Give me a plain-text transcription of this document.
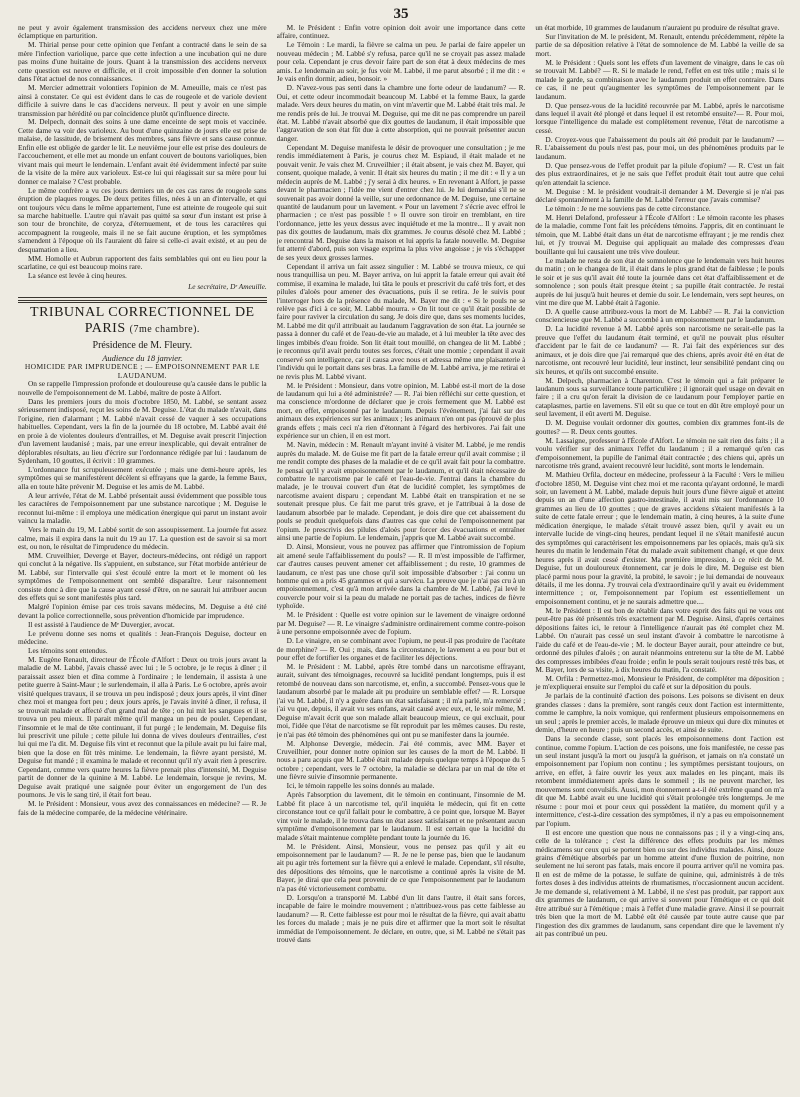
35

ne peut y avoir également transmission des accidens nerveux chez une mère éclamptique en parturition.

M. Thirial pense pour cette opinion que l'enfant a contracté dans le sein de sa mère l'infection variolique, parce que cette infection a une incubation qui ne dure pas moins d'une huitaine de jours. Quant à la transmission des accidens nerveux cette question est neuve et difficile, et il croit impossible d'en donner la solution dans l'état actuel de nos connaissances.

M. Mercier admettrait volontiers l'opinion de M. Ameuille, mais ce n'est pas ainsi à constater. Ce qui est évident dans le cas de rougeole et de variole devient difficile à suivre dans le cas d'accidens nerveux. Il peut y avoir en une simple transmission par hérédité ou par coïncidence plutôt qu'influence directe.

M. Delpech, donnait des soins à une dame enceinte de sept mois et vaccinée. Cette dame va voir des varioleux. Au bout d'une quinzaine de jours elle est prise de malaise, de lassitude, de brisement des membres, sans fièvre et sans cause connue. Enfin elle est obligée de garder le lit. Le neuvième jour elle est prise des douleurs de l'accouchement, et elle met au monde un enfant couvert de boutons varioliques, bien vivant mais qui meurt le lendemain. L'enfant avait été évidemment infecté par suite de la visite de la mère aux varioleux. Est-ce lui qui réagissait sur sa mère pour lui donner ce malaise ? C'est probable.

Le même confrère a vu ces jours derniers un de ces cas rares de rougeole sans éruption de plaques rouges. De deux petites filles, nées à un an d'intervalle, et qui ont toujours vécu dans le même appartement, l'une est atteinte de rougeole qui suit sa marche habituelle. L'autre qui n'avait pas quitté sa sœur d'un instant est prise à son tour de bronchite, de coryza, d'éternuement, et de tous les caractères qui accompagnent la rougeole, mais il ne se fait aucune éruption, et les symptômes s'amendent à l'époque où ils l'auraient dû faire si celle-ci avait existé, et au peu de desquamation a lieu.

MM. Homolle et Aubrun rapportent des faits semblables qui ont eu lieu pour la scarlatine, ce qui est beaucoup moins rare.

La séance est levée à cinq heures.

Le secrétaire, Dʳ Ameuille.
TRIBUNAL CORRECTIONNEL DE PARIS (7me chambre).

Présidence de M. Fleury.

Audience du 18 janvier.

HOMICIDE PAR IMPRUDENCE ; — EMPOISONNEMENT PAR LE LAUDANUM.

On se rappelle l'impression profonde et douloureuse qu'a causée dans le public la nouvelle de l'empoisonnement de M. Labbé, maître de poste à Alfort.

Dans les premiers jours du mois d'octobre 1850, M. Labbé, se sentant assez sérieusement indisposé, reçut les soins de M. Deguise. L'état du malade n'avait, dans l'origine, rien d'alarmant ; M. Labbé n'avait cessé de vaquer à ses occupations habituelles. Cependant, vers la fin de la journée du 18 octobre, M. Labbé avait été en proie à de violentes douleurs d'entrailles, et M. Deguise avait prescrit l'injection d'un lavement laudanisé ; mais, par une erreur inexplicable, qui devait entraîner de déplorables résultats, au lieu d'écrire sur l'ordonnance rédigée par lui : laudanum de Sydenham, 10 gouttes, il écrivit : 10 grammes.

L'ordonnance fut scrupuleusement exécutée ; mais une demi-heure après, les symptômes qui se manifestèrent décèlent si effrayans que la garde, la femme Baux, alla en toute hâte prévenir M. Deguise et les amis de M. Labbé.

A leur arrivée, l'état de M. Labbé présentait aussi évidemment que possible tous les caractères de l'empoisonnement par une substance narcotique ; M. Deguise le reconnut lui-même : il employa une médication énergique qui parut un instant avoir vaincu la maladie.

Vers le main du 19, M. Labbé sortit de son assoupissement. La journée fut assez calme, mais il expira dans la nuit du 19 au 17. La question est de savoir si sa mort est, ou non, le résultat de l'imprudence du médecin.

MM. Cruveilhier, Deverge et Bayer, docteurs-médecins, ont rédigé un rapport qui conclut à la négative. Ils s'appuient, en substance, sur l'état morbide antérieur de M. Labbé, sur l'intervalle qui s'est écoulé entre la mort et le moment où les symptômes de l'empoisonnement ont semblé disparaître. Leur raisonnement consiste donc à dire que la cause ayant cessé d'être, on ne saurait lui attribuer aucun des effets qui se sont manifestés plus tard.

Malgré l'opinion émise par ces trois savans médecins, M. Deguise a été cité devant la police correctionnelle, sous prévention d'homicide par imprudence.

Il est assisté à l'audience de Mᵉ Duvergier, avocat.

Le prévenu donne ses noms et qualités : Jean-François Deguise, docteur en médecine.

Les témoins sont entendus.

M. Eugène Renault, directeur de l'École d'Alfort : Deux ou trois jours avant la maladie de M. Labbé, j'avais chassé avec lui ; le 5 octobre, je le reçus à dîner ; il paraissait assez bien et dîna comme à l'ordinaire ; le lendemain, il assista à une petite guerre à Saint-Maur ; le surlendemain, il alla à Paris. Le 6 octobre, après avoir visité quelques travaux, il se trouva un peu indisposé ; deux jours après, il vint dîner chez moi et mangea fort peu ; deux jours après, je l'avais invité à dîner, il refusa, il se trouvait malade et affecté d'un grand mal de tête ; on lui mit les sangsues et il se trouva un peu mieux. Il parait même qu'il mangea un peu de poulet. Cependant, l'insomnie et le mal de tête continuant, il fut purgé ; le lendemain, M. Deguise fils lui prescrivit une pilule ; cette pilule lui donna de vives douleurs d'entrailles, c'est lui qui me l'a dit. M. Deguise fils vint et reconnut que la pilule avait pu lui faire mal, bien que la dose en fût très minime. Le lendemain, la fièvre ayant persisté, M. Deguise fut mandé ; il examina le malade et reconnut qu'il n'y avait rien à prescrire. Cependant, comme vers quatre heures la fièvre prenait plus d'intensité, M. Deguise partit de donner de la quinine à M. Labbé. Le lendemain, lorsque je revins, M. Deguise avait pratiqué une saignée pour éviter un engorgement de l'un des poumons. Je vis le sang tiré, il était fort beau.

M. le Président : Monsieur, vous avez des connaissances en médecine? — R. Je fais de la médecine comparée, de la médecine vétérinaire.

M. le Président : Enfin votre opinion doit avoir une importance dans cette affaire, continuez.

Le Témoin : Le mardi, la fièvre se calma un peu. Je parlai de faire appeler un nouveau médecin ; M. Labbé s'y refusa, parce qu'il ne se croyait pas assez malade pour cela. Cependant je crus devoir faire part de son état à deux médecins de mes amis. Le lendemain au soir, je fus voir M. Labbé, il me parut absorbé ; il me dit : « Je vais enfin dormir, adieu, bonsoir. »

D. N'avez-vous pas senti dans la chambre une forte odeur de laudanum? — R. Oui, et cette odeur incommodait beaucoup M. Labbé et la femme Baux, la garde malade. Vers deux heures du matin, on vint m'avertir que M. Labbé était très mal. Je me rendis près de lui. Je trouvai M. Deguise, qui me dit ne pas comprendre un pareil état. M. Labbé n'avait absorbé que dix gouttes de laudanum, il était impossible que l'aggravation de son état fût due à cette absorption, qui ne pouvait présenter aucun danger.

Cependant M. Deguise manifesta le désir de provoquer une consultation ; je me rendis immédiatement à Paris, je courus chez M. Espiaud, il était malade et ne pouvait venir. Je vais chez M. Cruveilhier ; il était absent, je vais chez M. Bayer, qui consent, quoique malade, à venir. Il était six heures du matin ; il me dit : « Il y a un médecin auprès de M. Labbé ; j'y serai à dix heures. » En revenant à Alfort, je passe devant le pharmacien ; l'idée me vient d'entrer chez lui. Je lui demandai s'il ne se souvenait pas avoir donné la veille, sur une ordonnance de M. Deguise, une certaine quantité de laudanum pour un lavement. « Pour un lavement ? s'écrie avec effroi le pharmacien ; ce n'est pas possible ! » Il ouvre son tiroir en tremblant, en tire l'ordonnance, jette les yeux dessus avec inquiétude et me la montre... Il y avait non pas dix gouttes de laudanum, mais dix grammes. Je courus désolé chez M. Labbé ; je rencontrai M. Deguise dans la maison et lui appris la fatale nouvelle. M. Deguise fut atterré d'abord, puis son visage exprima la plus vive angoisse ; je vis s'échapper de ses yeux deux grosses larmes.

Cependant il arriva un fait assez singulier : M. Labbé se trouva mieux, ce qui nous tranquillisa un peu. M. Bayer arriva, on lui apprit la fatale erreur qui avait été commise, il examina le malade, lui tâta le pouls et prescrivit du café très fort, et des pilules d'aloès pour amener des évacuations, puis il se retira. Je le suivis pour l'interroger hors de la présence du malade, M. Bayer me dit : « Si le pouls ne se relève pas d'ici à ce soir, M. Labbé mourra. » On lit tout ce qu'il était possible de faire pour raviver la circulation du sang. Je dois dire que, dans ses moments lucides, M. Labbé me dit qu'il attribuait au laudanum l'aggravation de son état. La journée se passa à donner du café et de l'eau-de-vie au malade, et à lui meubler la tête avec des linges imbibés d'eau froide. Son lit était tout mouillé, on changea de lit M. Labbé ; je reconnus qu'il avait perdu toutes ses forces, c'était une momie ; cependant il avait conservé son intelligence, car il causa avec nous et adressa même une plaisanterie à l'individu qui le portait dans ses bras. La famille de M. Labbé arriva, je me retirai et ne revis plus M. Labbé vivant.

M. le Président : Monsieur, dans votre opinion, M. Labbé est-il mort de la dose de laudanum qui lui a été administrée? — R. J'ai bien réfléchi sur cette question, et ma conscience m'ordonne de déclarer que je crois fermement que M. Labbé est mort, en effet, empoisonné par le laudanum. Depuis l'événement, j'ai fait sur des animaux des expériences sur les animaux ; les animaux n'en ont pas éprouvé de plus grands effets ; mais ceci n'a rien d'étonnant à l'égard des herbivores. J'ai fait une expérience sur un chien, il en est mort.

M. Navin, médecin : M. Renault m'ayant invité à visiter M. Labbé, je me rendis auprès du malade. M. de Guise me fit part de la fatale erreur qu'il avait commise ; il me rendit compte des phases de la maladie et de ce qu'il avait fait pour la combattre. Je pensai qu'il y avait empoisonnement par le laudanum, et qu'il était nécessaire de combattre le narcotisme par le café et l'eau-de-vie. J'entrai dans la chambre du malade, je le trouvai couvert d'un état de lucidité complet, les symptômes de narcotisme avaient disparu ; cependant M. Labbé était en transpiration et ne se soutenait presque plus. Ce fait me parut très grave, et je l'attribuai à la dose de laudanum absorbée par le malade. Cependant, je dois dire que cet abaissement du pouls se produit quelquefois dans d'autres cas que celui de l'empoisonnement par l'opium. Je prescrivis des pilules d'aloès pour forcer des évacuations et entraîner ainsi une partie de l'opium. Le lendemain, j'appris que M. Labbé avait succombé.

D. Ainsi, Monsieur, vous ne pouvez pas affirmer que l'intromission de l'opium ait amené seule l'affaiblissement du pouls? — R. Il m'est impossible de l'affirmer, car d'autres causes peuvent amener cet affaiblissement ; du reste, 10 grammes de laudanum, ce n'est pas une chose qu'il soit impossible d'absorber : j'ai connu un homme qui en a pris 45 grammes et qui a survécu. La preuve que je n'ai pas cru à un empoisonnement, c'est qu'à mon arrivée dans la chambre de M. Labbé, j'ai levé le couvercle pour voir si la peau du malade ne portait pas de taches, indices de fièvre typhoïde.

M. le Président : Quelle est votre opinion sur le lavement de vinaigre ordonné par M. Deguise? — R. Le vinaigre s'administre ordinairement comme contre-poison à une personne empoisonnée avec de l'opium.

D. Le vinaigre, en se combinant avec l'opium, ne peut-il pas produire de l'acétate de morphine? — R. Oui ; mais, dans la circonstance, le lavement a eu pour but et pour effet de fortifier les organes et de faciliter les déjections.

M. le Président : M. Labbé, après être tombé dans un narcotisme effrayant, aurait, suivant des témoignages, recouvré sa lucidité pendant longtemps, puis il est retombé de nouveau dans son narcotisme, et, enfin, a succombé. Pensez-vous que le laudanum absorbé par le malade ait pu produire un semblable effet? — R. Lorsque j'ai vu M. Labbé, il n'y a guère dans un état satisfaisant ; il m'a parlé, m'a remercié ; j'ai vu que, depuis, il avait vu ses enfans, avait causé avec eux, et, le soir même, M. Deguise m'avait écrit que son malade allait beaucoup mieux, ce qui excluait, pour moi, l'idée que l'état de narcotisme se fût reproduit par les mêmes causes. Du reste, je n'ai pas été témoin des phénomènes qui ont pu se manifester dans la journée.

M. Alphonse Devergie, médecin. J'ai été commis, avec MM. Bayer et Cruveilhier, pour donner notre opinion sur les causes de la mort de M. Labbé. Il nous a paru acquis que M. Labbé était malade depuis quelque temps à l'époque du 5 octobre ; cependant, vers le 7 octobre, la maladie se déclara par un mal de tête et une fièvre suivie d'insomnie permanente.

Ici, le témoin rappelle les soins donnés au malade.

Après l'absorption du lavement, dit le témoin en continuant, l'insomnie de M. Labbé fit place à un narcotisme tel, qu'il inquiéta le médecin, qui fit en cette circonstance tout ce qu'il fallait pour le combattre, à ce point que, lorsque M. Bayer vint voir le malade, il le trouva dans un état assez satisfaisant et ne présentant aucun symptôme d'empoisonnement par le laudanum. Il est certain que la lucidité du malade s'était maintenue complète pendant toute la journée du 16.

M. le Président. Ainsi, Monsieur, vous ne pensez pas qu'il y ait eu empoisonnement par le laudanum? — R. Je ne le pense pas, bien que le laudanum ait pu agir très fortement sur la fièvre qui a enlevé le malade. Cependant, s'il résulte, des dépositions des témoins, que le narcotisme a continué après la visite de M. Bayer, je dirai que cela peut provenir de ce que l'empoisonnement par le laudanum n'a pas été victorieusement combattu.

D. Lorsqu'on a transporté M. Labbé d'un lit dans l'autre, il était sans forces, incapable de faire le moindre mouvement ; n'attribuez-vous pas cette faiblesse au laudanum? — R. Cette faiblesse est pour moi le résultat de la fièvre, qui avait abattu les forces du malade ; mais je ne puis dire et affirmer que la mort soit le résultat immédiat de l'empoisonnement. Je déclare, en outre, que, si M. Labbé ne s'était pas trouvé dans

un état morbide, 10 grammes de laudanum n'auraient pu produire de résultat grave.

Sur l'invitation de M. le président, M. Renault, entendu précédemment, répète la partie de sa déposition relative à l'état de somnolence de M. Labbé la veille de sa mort.

M. le Président : Quels sont les effets d'un lavement de vinaigre, dans le cas où se trouvait M. Labbé? — R. Si le malade le rend, l'effet en est très utile ; mais si le malade le garde, sa combinaison avec le laudanum produit un effet contraire. Dans ce cas, il ne peut qu'augmenter les symptômes de l'empoisonnement par le laudanum.

D. Que pensez-vous de la lucidité recouvrée par M. Labbé, après le narcotisme dans lequel il avait été plongé et dans lequel il est retombé ensuite?— R. Pour moi, lorsque l'intelligence du malade est complètement revenue, l'état de narcotisme a cessé.

D. Croyez-vous que l'abaissement du pouls ait été produit par le laudanum? — R. L'abaissement du pouls n'est pas, pour moi, un des phénomènes produits par le laudanum.

D. Que pensez-vous de l'effet produit par la pilule d'opium? — R. C'est un fait des plus extraordinaires, et je ne sais que l'effet produit était tout autre que celui qu'en attendait la science.

M. Deguise : M. le président voudrait-il demander à M. Devergie si je n'ai pas déclaré spontanément à la famille de M. Labbé l'erreur que j'avais commise?

Le témoin : Je ne me souviens pas de cette circonstance.

M. Henri Delafond, professeur à l'École d'Alfort : Le témoin raconte les phases de la maladie, comme l'ont fait les précédens témoins. J'appris, dit en continuant le témoin, que M. Labbé était dans un état de narcotisme effrayant ; je me rendis chez lui, et j'y trouvai M. Deguise qui appliquait au malade des compresses d'eau bouillante qui lui causaient une très vive douleur.

Le malade ne resta de son état de somnolence que le lendemain vers huit heures du matin ; on le changea de lit, il était dans le plus grand état de faiblesse ; le pouls le soir et je sus qu'il avait été toute la journée dans cet état d'affaiblissement et de somnolence ; son pouls était presque éteint ; sa pupille était contractée. Je restai auprès de lui jusqu'à huit heures et demie du soir. Le lendemain, vers sept heures, on vint me dire que M. Labbé était à l'agonie.

D. A quelle cause attribuez-vous la mort de M. Labbé? — R. J'ai la conviction consciencieuse que M. Labbé a succombé à un empoisonnement par le laudanum.

D. La lucidité revenue à M. Labbé après son narcotisme ne serait-elle pas la preuve que l'effet du laudanum était terminé, et qu'il ne pouvait plus résulter d'accident par le fait de ce laudanum? — R. J'ai fait des expériences sur des animaux, et je dois dire que j'ai remarqué que des chiens, après avoir été en état de narcotisme, ont recouvré leur lucidité, leur instinct, leur sensibilité pendant cinq ou six heures, et qu'ils ont succombé ensuite.

M. Delpech, pharmacien à Charenton. C'est le témoin qui a fait préparer le laudanum sous sa surveillance toute particulière ; il ignorait quel usage on devait en faire ; il a cru qu'on ferait la division de ce laudanum pour l'employer partie en cataplasmes, partie en lavemens. S'il eût su que ce tout en dût être employé pour un seul lavement, il eût averti M. Deguise.

D. M. Deguise voulait ordonner dix gouttes, combien dix grammes font-ils de gouttes? — R. Deux cents gouttes.

M. Lassaigne, professeur à l'École d'Alfort. Le témoin ne sait rien des faits ; il a voulu vérifier sur des animaux l'effet du laudanum ; il a remarqué qu'en cas d'empoisonnement, la pupille de l'animal était contractée ; des chiens qui, après un narcotisme très grand, avaient recouvré leur lucidité, sont morts le lendemain.

M. Mathieu Orfila, docteur en médecine, professeur à la Faculté : Vers le milieu d'octobre 1850, M. Deguise vint chez moi et me raconta qu'ayant ordonné, le mardi soir, un lavement à M. Labbé, malade depuis huit jours d'une fièvre aiguë et atteint depuis un an d'une affection gastro-intestinale, il avait mis sur l'ordonnance 10 grammes au lieu de 10 gouttes ; que de graves accidens s'étaient manifestés à la suite de cette fatale erreur ; que le lendemain matin, à cinq heures, à la suite d'une médication énergique, le malade s'était trouvé assez bien, qu'il y avait eu un intervalle lucide de vingt-cinq heures, pendant lequel il ne s'était manifesté aucun des symptômes qui caractérisent les empoisonnemens par les opiacés, mais qu'à six heures du matin le lendemain l'état du malade avait subitement changé, et que deux heures après il avait cessé d'exister. Ma première impression, à ce récit de M. Deguise, fut un douloureux étonnement, car je dois le dire, M. Deguise est bien placé parmi nous pour la gravité, la probité, le savoir ; je lui demandai de nouveaux détails, il me les donna. J'y trouvai cela d'extraordinaire qu'il y avait eu évidemment intermittence ; or, l'empoisonnement par l'opium est essentiellement un empoisonnement continu, et je ne saurais admettre que....

M. le Président : Il est bon de rétablir dans votre esprit des faits qui ne vous ont peut-être pas été présentés très exactement par M. Deguise. Ainsi, d'après certaines dépositions faites ici, le retour à l'intelligence n'aurait pas été complet chez M. Labbé. On n'aurait pas cessé un seul instant d'avoir à combattre le narcotisme à l'aide du café et de l'eau-de-vie ; M. le docteur Bayer aurait, pour atteindre ce but, ordonné des pilules d'aloès ; on aurait néanmoins entretenu sur la tête de M. Labbé des compresses imbibées d'eau froide ; enfin le pouls serait toujours resté très bas, et M. Bayer, lors de sa visite, à dix heures du matin, l'a constaté.

M. Orfila : Permettez-moi, Monsieur le Président, de compléter ma déposition ; je m'expliquerai ensuite sur l'emploi du café et sur la déposition du pouls.

Je parlais de la continuité d'action des poisons. Les poisons se divisent en deux grandes classes : dans la première, sont rangés ceux dont l'action est intermittente, comme le camphre, la noix vomique, qui renferment plusieurs empoisonnemens en un seul ; après le premier accès, le malade éprouve un mieux qui dure dix minutes et demie, d'heure en heure ; puis un second accès, et ainsi de suite.

Dans la seconde classe, sont placés les empoisonnemens dont l'action est continue, comme l'opium. L'action de ces poisons, une fois manifestée, ne cesse pas un seul instant jusqu'à la mort ou jusqu'à la guérison, et jamais on n'a constaté un empoisonnement par l'opium non continu ; les symptômes persistant toujours, on arrive, en effet, à faire ouvrir les yeux aux malades en les pinçant, mais ils retombent immédiatement après dans le sommeil ; ils ne peuvent marcher, les mouvemens sont convulsifs. Aussi, mon étonnement a-t-il été extrême quand on m'a dit que M. Labbé avait eu une lucidité qui s'était prolongée très longtemps. Je me résume : pour moi et pour ceux qui possèdent la matière, du moment qu'il y a intermittence, c'est-à-dire cessation des symptômes, il n'y a pas eu empoisonnement par l'opium.

Il est encore une question que nous ne connaissons pas ; il y a vingt-cinq ans, celle de la tolérance ; c'est la différence des effets produits par les mêmes médicamens sur ceux qui se portent bien ou sur des individus malades. Ainsi, douze grains d'émétique absorbés par un homme atteint d'une fluxion de poitrine, non seulement ne lui seront pas fatals, mais encore il pourra arriver qu'il ne vomira pas. Il en est de même de la potasse, le sulfate de quinine, qui, administrés à de très fortes doses à des individus atteints de rhumatismes, n'occasionnent aucun accident. Je me demande si, relativement à M. Labbé, il ne s'est pas produit, par rapport aux dix grammes de laudanum, ce qui arrive si souvent pour l'émétique et ce qui doit être attribué sur à l'émétique ; mais à l'effet d'une maladie grave. Ainsi il se pourrait très bien que la mort de M. Labbé eût été causée par toute autre cause que par l'ingestion des dix grammes de laudanum, sans cependant dire que le lavement n'y ait pas contribué un peu.
